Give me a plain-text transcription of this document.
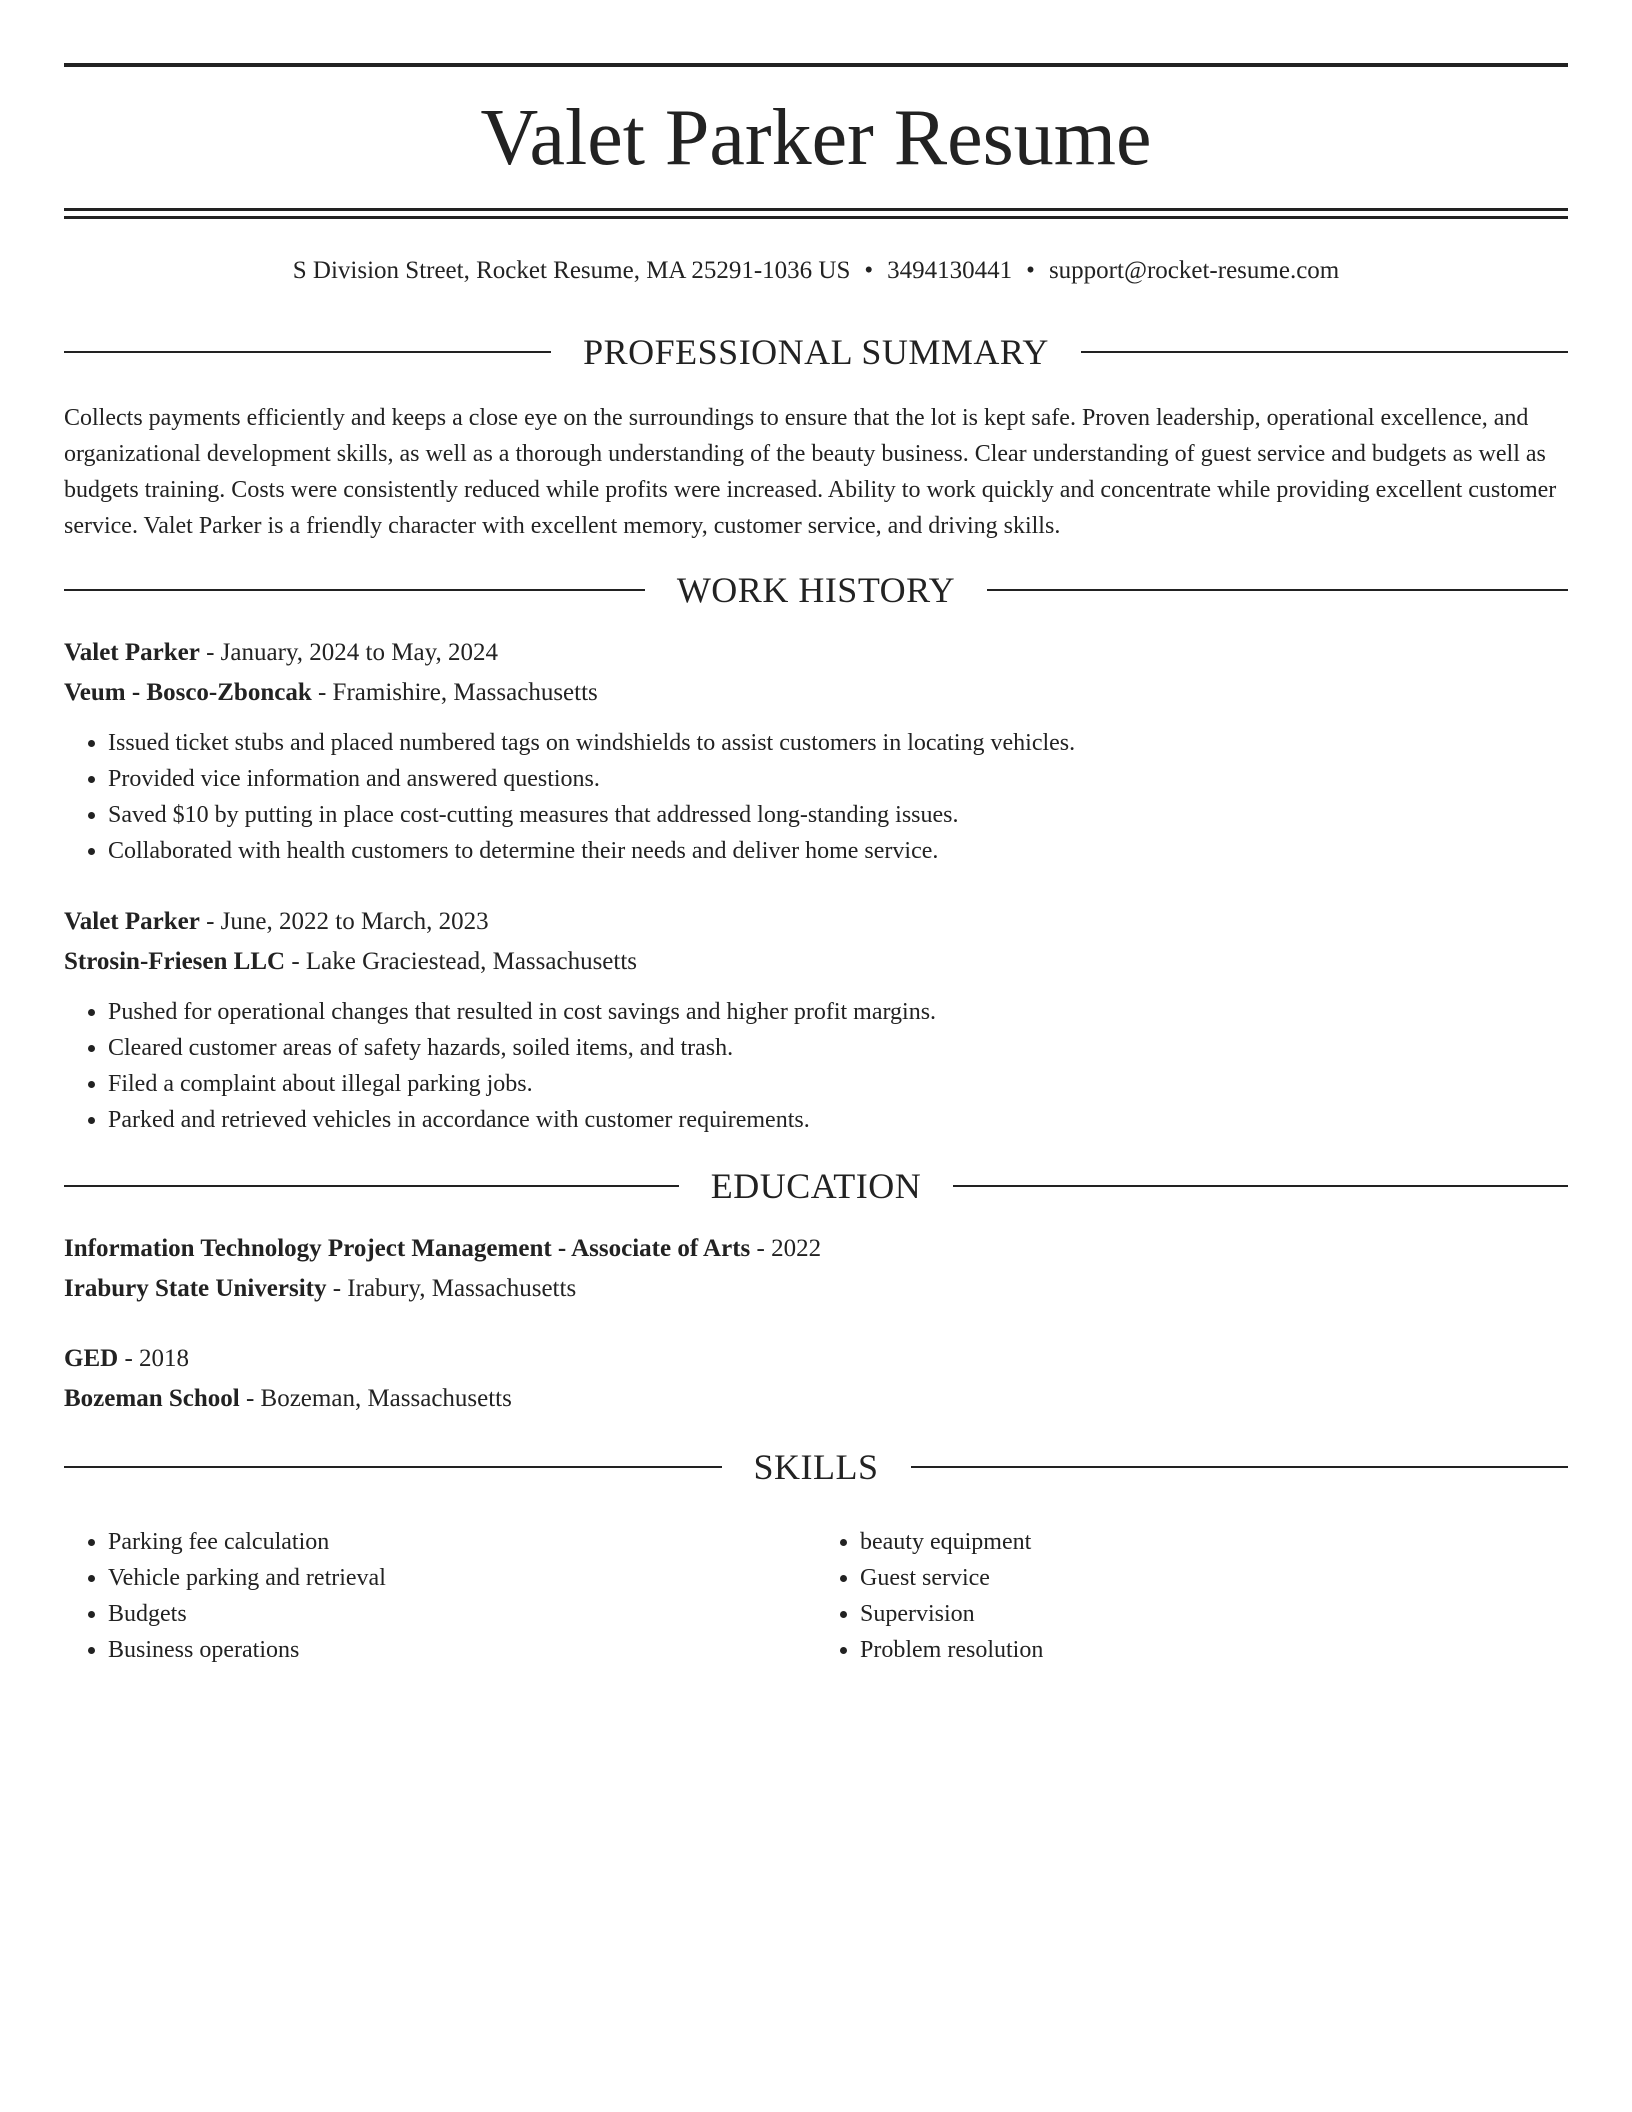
Valet Parker Resume
S Division Street, Rocket Resume, MA 25291-1036 US • 3494130441 • support@rocket-resume.com
PROFESSIONAL SUMMARY

Collects payments efficiently and keeps a close eye on the surroundings to ensure that the lot is kept safe. Proven leadership, operational excellence, and organizational development skills, as well as a thorough understanding of the beauty business. Clear understanding of guest service and budgets as well as budgets training. Costs were consistently reduced while profits were increased. Ability to work quickly and concentrate while providing excellent customer service. Valet Parker is a friendly character with excellent memory, customer service, and driving skills.

WORK HISTORY
Valet Parker - January, 2024 to May, 2024
Veum - Bosco-Zboncak - Framishire, Massachusetts
• Issued ticket stubs and placed numbered tags on windshields to assist customers in locating vehicles.
• Provided vice information and answered questions.
• Saved $10 by putting in place cost-cutting measures that addressed long-standing issues.
• Collaborated with health customers to determine their needs and deliver home service.
Valet Parker - June, 2022 to March, 2023
Strosin-Friesen LLC - Lake Graciestead, Massachusetts
• Pushed for operational changes that resulted in cost savings and higher profit margins.
• Cleared customer areas of safety hazards, soiled items, and trash.
• Filed a complaint about illegal parking jobs.
• Parked and retrieved vehicles in accordance with customer requirements.
EDUCATION
Information Technology Project Management - Associate of Arts - 2022
Irabury State University - Irabury, Massachusetts
GED - 2018
Bozeman School - Bozeman, Massachusetts
SKILLS
• Parking fee calculation
• Vehicle parking and retrieval
• Budgets
• Business operations
• beauty equipment
• Guest service
• Supervision
• Problem resolution
